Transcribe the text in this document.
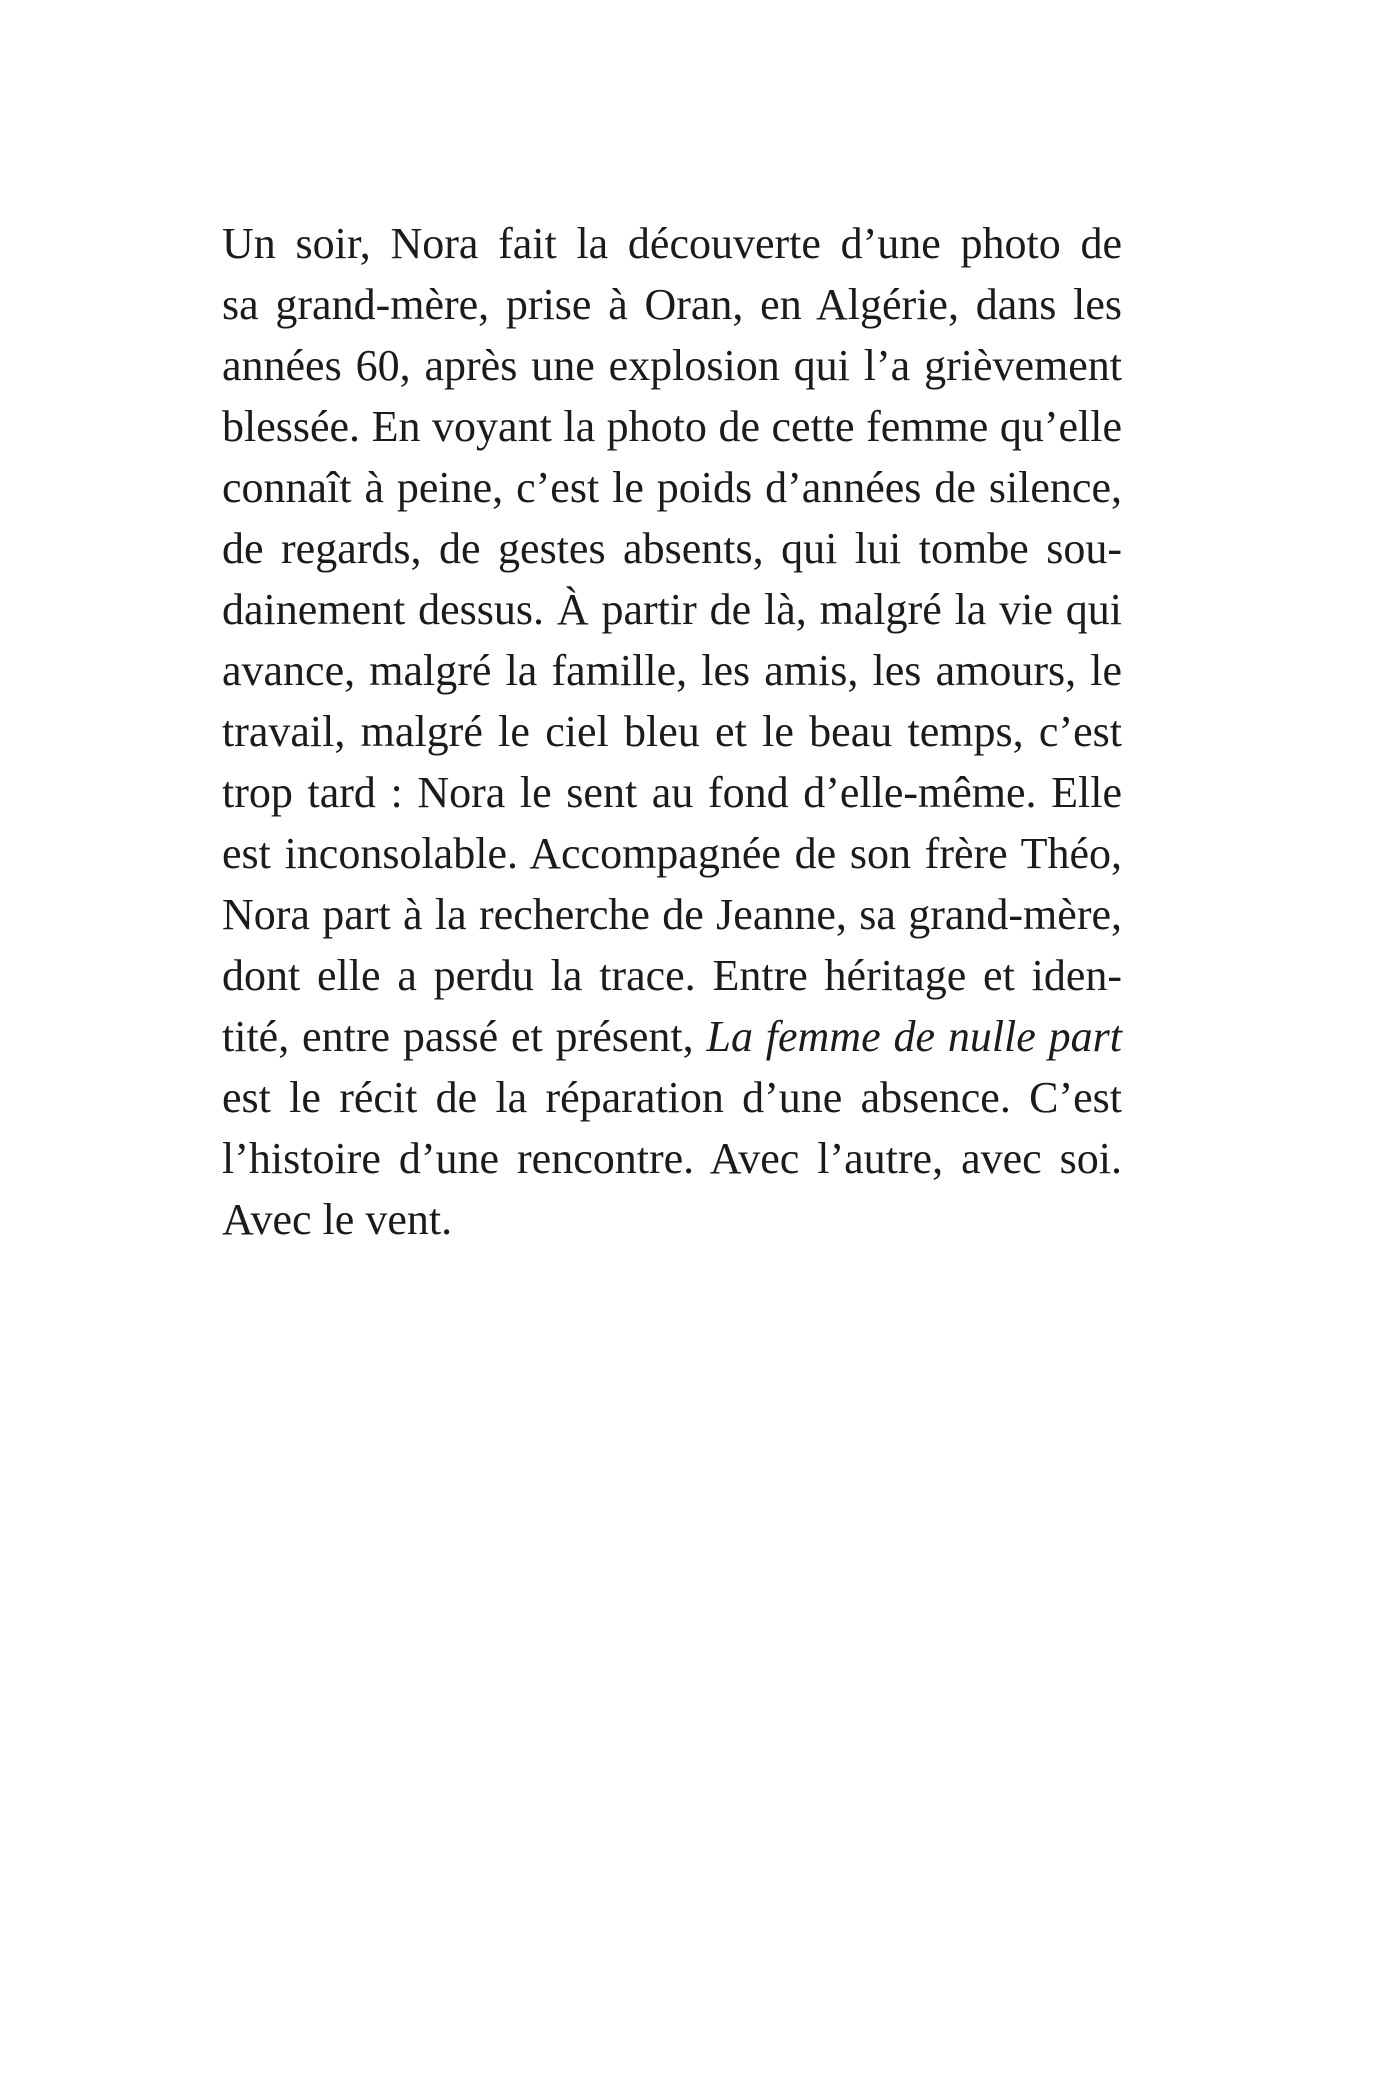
Un soir, Nora fait la découverte d’une photo de
sa grand-mère, prise à Oran, en Algérie, dans les
années 60, après une explosion qui l’a grièvement
blessée. En voyant la photo de cette femme qu’elle
connaît à peine, c’est le poids d’années de silence,
de regards, de gestes absents, qui lui tombe sou-
dainement dessus. À partir de là, malgré la vie qui
avance, malgré la famille, les amis, les amours, le
travail, malgré le ciel bleu et le beau temps, c’est
trop tard : Nora le sent au fond d’elle-même. Elle
est inconsolable. Accompagnée de son frère Théo,
Nora part à la recherche de Jeanne, sa grand-mère,
dont elle a perdu la trace. Entre héritage et iden-
tité, entre passé et présent, La femme de nulle part
est le récit de la réparation d’une absence. C’est
l’histoire d’une rencontre. Avec l’autre, avec soi.
Avec le vent.
